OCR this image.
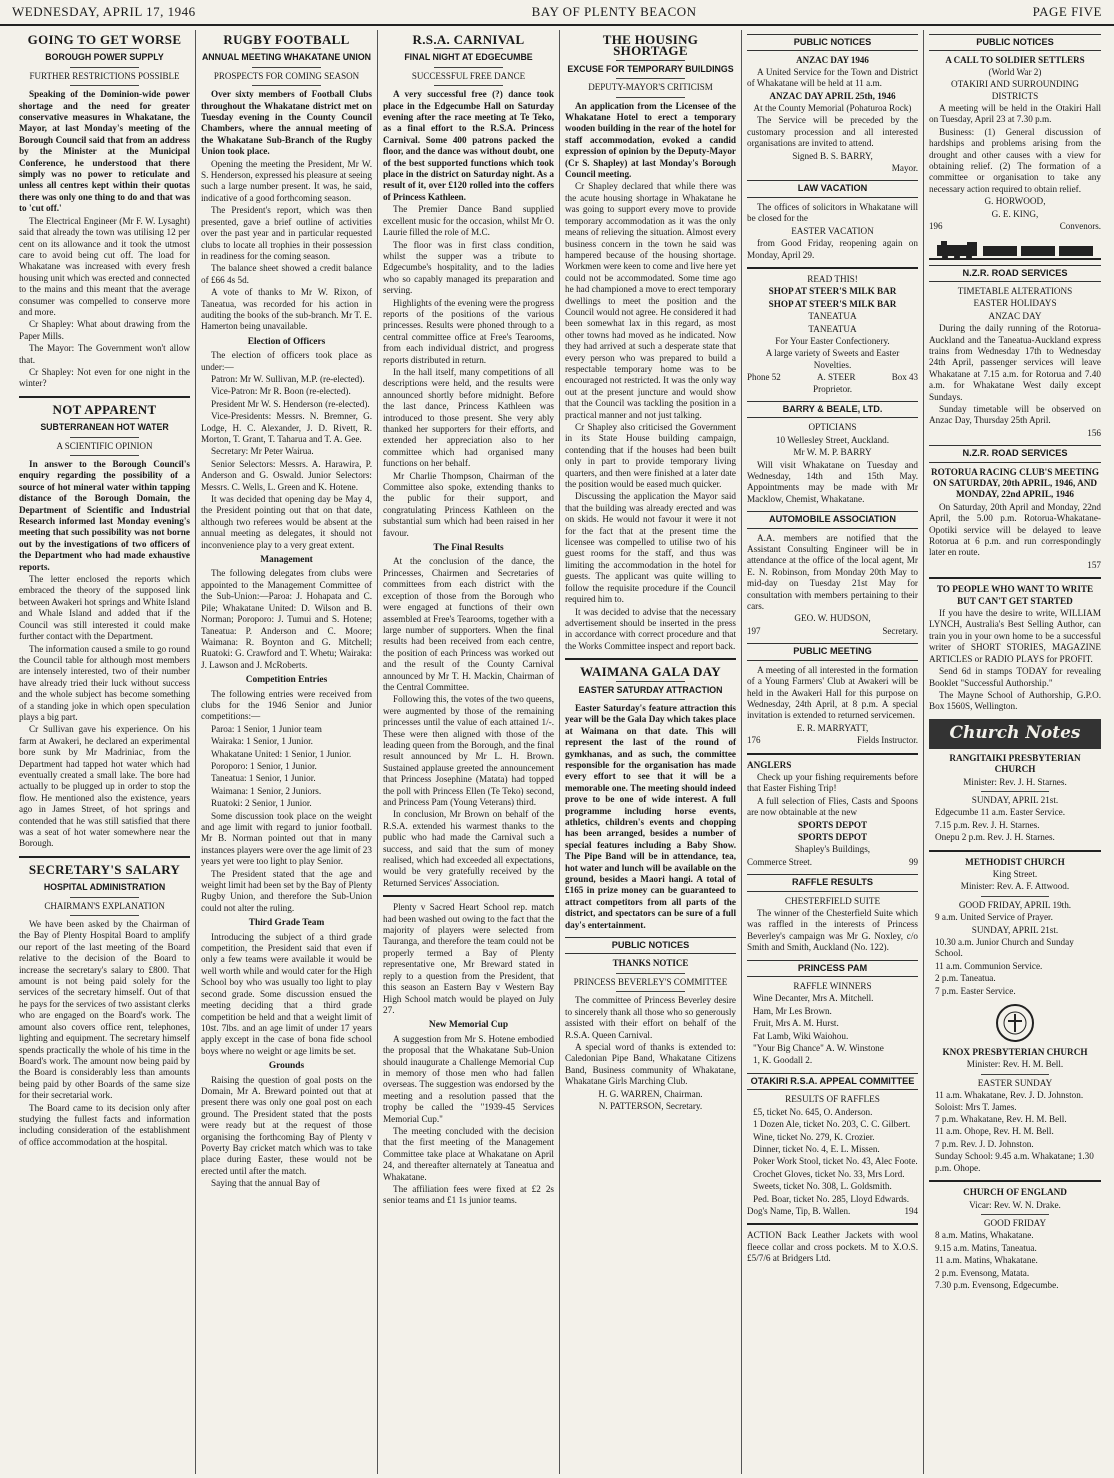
WEDNESDAY, APRIL 17, 1946	BAY OF PLENTY BEACON	PAGE FIVE
GOING TO GET WORSE
BOROUGH POWER SUPPLY
FURTHER RESTRICTIONS POSSIBLE

Speaking of the Dominion-wide power shortage and the need for greater conservative measures in Whakatane, the Mayor, at last Monday's meeting of the Borough Council said that from an address by the Minister at the Municipal Conference, he understood that there simply was no power to reticulate and unless all centres kept within their quotas there was only one thing to do and that was to 'cut off.'

The Electrical Engineer (Mr F. W. Lysaght) said that already the town was utilising 12 per cent on its allowance and it took the utmost care to avoid being cut off. The load for Whakatane was increased with every fresh housing unit which was erected and connected to the mains and this meant that the average consumer was compelled to conserve more and more.

Cr Shapley: What about drawing from the Paper Mills.

The Mayor: The Government won't allow that.

Cr Shapley: Not even for one night in the winter?

NOT APPARENT
SUBTERRANEAN HOT WATER
A SCIENTIFIC OPINION

In answer to the Borough Council's enquiry regarding the possibility of a source of hot mineral water within tapping distance of the Borough Domain, the Department of Scientific and Industrial Research informed last Monday evening's meeting that such possibility was not borne out by the investigations of two officers of the Department who had made exhaustive reports.

The letter enclosed the reports which embraced the theory of the supposed link between Awakeri hot springs and White Island and Whale Island and added that if the Council was still interested it could make further contact with the Department.

The information caused a smile to go round the Council table for although most members are intensely interested, two of their number have already tried their luck without success and the whole subject has become something of a standing joke in which open speculation plays a big part.

Cr Sullivan gave his experience. On his farm at Awakeri, he declared an experimental bore sunk by Mr Madriniac, from the Department had tapped hot water which had eventually created a small lake. The bore had actually to be plugged up in order to stop the flow. He mentioned also the existence, years ago in James Street, of hot springs and contended that he was still satisfied that there was a seat of hot water somewhere near the Borough.

SECRETARY'S SALARY
HOSPITAL ADMINISTRATION
CHAIRMAN'S EXPLANATION

We have been asked by the Chairman of the Bay of Plenty Hospital Board to amplify our report of the last meeting of the Board relative to the decision of the Board to increase the secretary's salary to £800. That amount is not being paid solely for the services of the secretary himself. Out of that he pays for the services of two assistant clerks who are engaged on the Board's work. The amount also covers office rent, telephones, lighting and equipment. The secretary himself spends practically the whole of his time in the Board's work. The amount now being paid by the Board is considerably less than amounts being paid by other Boards of the same size for their secretarial work.

The Board came to its decision only after studying the fullest facts and information including consideration of the establishment of office accommodation at the hospital.

RUGBY FOOTBALL
ANNUAL MEETING WHAKATANE UNION
PROSPECTS FOR COMING SEASON

Over sixty members of Football Clubs throughout the Whakatane district met on Tuesday evening in the County Council Chambers, where the annual meeting of the Whakatane Sub-Branch of the Rugby Union took place.

Opening the meeting the President, Mr W. S. Henderson, expressed his pleasure at seeing such a large number present. It was, he said, indicative of a good forthcoming season.

The President's report, which was then presented, gave a brief outline of activities over the past year and in particular requested clubs to locate all trophies in their possession in readiness for the coming season.

The balance sheet showed a credit balance of £66 4s 5d.

A vote of thanks to Mr W. Rixon, of Taneatua, was recorded for his action in auditing the books of the sub-branch. Mr T. E. Hamerton being unavailable.

Election of Officers

The election of officers took place as under:—

Patron: Mr W. Sullivan, M.P. (re-elected).

Vice-Patron: Mr R. Boon (re-elected).

President Mr W. S. Henderson (re-elected).

Vice-Presidents: Messrs. N. Bremner, G. Lodge, H. C. Alexander, J. D. Rivett, R. Morton, T. Grant, T. Taharua and T. A. Gee.

Secretary: Mr Peter Wairua.

Senior Selectors: Messrs. A. Harawira, P. Anderson and G. Oswald. Junior Selectors: Messrs. C. Wells, L. Green and K. Hotene.

It was decided that opening day be May 4, the President pointing out that on that date, although two referees would be absent at the annual meeting as delegates, it should not inconvenience play to a very great extent.

Management

The following delegates from clubs were appointed to the Management Committee of the Sub-Union:—Paroa: J. Hohapata and C. Pile; Whakatane United: D. Wilson and B. Norman; Poroporo: J. Tumui and S. Hotene; Taneatua: P. Anderson and C. Moore; Waimana: R. Boynton and G. Mitchell; Ruatoki: G. Crawford and T. Whetu; Wairaka: J. Lawson and J. McRoberts.

Competition Entries

The following entries were received from clubs for the 1946 Senior and Junior competitions:—

Paroa: 1 Senior, 1 Junior team

Wairaka: 1 Senior, 1 Junior.

Whakatane United: 1 Senior, 1 Junior.

Poroporo: 1 Senior, 1 Junior.

Taneatua: 1 Senior, 1 Junior.

Waimana: 1 Senior, 2 Juniors.

Ruatoki: 2 Senior, 1 Junior.

Some discussion took place on the weight and age limit with regard to junior football. Mr B. Norman pointed out that in many instances players were over the age limit of 23 years yet were too light to play Senior.

The President stated that the age and weight limit had been set by the Bay of Plenty Rugby Union, and therefore the Sub-Union could not alter the ruling.

Third Grade Team

Introducing the subject of a third grade competition, the President said that even if only a few teams were available it would be well worth while and would cater for the High School boy who was usually too light to play second grade. Some discussion ensued the meeting deciding that a third grade competition be held and that a weight limit of 10st. 7lbs. and an age limit of under 17 years apply except in the case of bona fide school boys where no weight or age limits be set.

Grounds

Raising the question of goal posts on the Domain, Mr A. Breward pointed out that at present there was only one goal post on each ground. The President stated that the posts were ready but at the request of those organising the forthcoming Bay of Plenty v Poverty Bay cricket match which was to take place during Easter, these would not be erected until after the match.

Saying that the annual Bay of

R.S.A. CARNIVAL
FINAL NIGHT AT EDGECUMBE
SUCCESSFUL FREE DANCE

A very successful free (?) dance took place in the Edgecumbe Hall on Saturday evening after the race meeting at Te Teko, as a final effort to the R.S.A. Princess Carnival. Some 400 patrons packed the floor, and the dance was without doubt, one of the best supported functions which took place in the district on Saturday night. As a result of it, over £120 rolled into the coffers of Princess Kathleen.

The Premier Dance Band supplied excellent music for the occasion, whilst Mr O. Laurie filled the role of M.C.

The floor was in first class condition, whilst the supper was a tribute to Edgecumbe's hospitality, and to the ladies who so capably managed its preparation and serving.

Highlights of the evening were the progress reports of the positions of the various princesses. Results were phoned through to a central committee office at Free's Tearooms, from each individual district, and progress reports distributed in return.

In the hall itself, many competitions of all descriptions were held, and the results were announced shortly before midnight. Before the last dance, Princess Kathleen was introduced to those present. She very ably thanked her supporters for their efforts, and extended her appreciation also to her committee which had organised many functions on her behalf.

Mr Charlie Thompson, Chairman of the Committee also spoke, extending thanks to the public for their support, and congratulating Princess Kathleen on the substantial sum which had been raised in her favour.

The Final Results

At the conclusion of the dance, the Princesses, Chairmen and Secretaries of committees from each district with the exception of those from the Borough who were engaged at functions of their own assembled at Free's Tearooms, together with a large number of supporters. When the final results had been received from each centre, the position of each Princess was worked out and the result of the County Carnival announced by Mr T. H. Mackin, Chairman of the Central Committee.

Following this, the votes of the two queens, were augmented by those of the remaining princesses until the value of each attained 1/-. These were then aligned with those of the leading queen from the Borough, and the final result announced by Mr L. H. Brown. Sustained applause greeted the announcement that Princess Josephine (Matata) had topped the poll with Princess Ellen (Te Teko) second, and Princess Pam (Young Veterans) third.

In conclusion, Mr Brown on behalf of the R.S.A. extended his warmest thanks to the public who had made the Carnival such a success, and said that the sum of money realised, which had exceeded all expectations, would be very gratefully received by the Returned Services' Association.

Plenty v Sacred Heart School rep. match had been washed out owing to the fact that the majority of players were selected from Tauranga, and therefore the team could not be properly termed a Bay of Plenty representative one, Mr Breward stated in reply to a question from the President, that this season an Eastern Bay v Western Bay High School match would be played on July 27.

New Memorial Cup

A suggestion from Mr S. Hotene embodied the proposal that the Whakatane Sub-Union should inaugurate a Challenge Memorial Cup in memory of those men who had fallen overseas. The suggestion was endorsed by the meeting and a resolution passed that the trophy be called the "1939-45 Services Memorial Cup."

The meeting concluded with the decision that the first meeting of the Management Committee take place at Whakatane on April 24, and thereafter alternately at Taneatua and Whakatane.

The affiliation fees were fixed at £2 2s senior teams and £1 1s junior teams.

THE HOUSING SHORTAGE
EXCUSE FOR TEMPORARY BUILDINGS
DEPUTY-MAYOR'S CRITICISM

An application from the Licensee of the Whakatane Hotel to erect a temporary wooden building in the rear of the hotel for staff accommodation, evoked a candid expression of opinion by the Deputy-Mayor (Cr S. Shapley) at last Monday's Borough Council meeting.

Cr Shapley declared that while there was the acute housing shortage in Whakatane he was going to support every move to provide temporary accommodation as it was the only means of relieving the situation. Almost every business concern in the town he said was hampered because of the housing shortage. Workmen were keen to come and live here yet could not be accommodated. Some time ago he had championed a move to erect temporary dwellings to meet the position and the Council would not agree. He considered it had been somewhat lax in this regard, as most other towns had moved as he indicated. Now they had arrived at such a desperate state that every person who was prepared to build a respectable temporary home was to be encouraged not restricted. It was the only way out at the present juncture and would show that the Council was tackling the position in a practical manner and not just talking.

Cr Shapley also criticised the Government in its State House building campaign, contending that if the houses had been built only in part to provide temporary living quarters, and then were finished at a later date the position would be eased much quicker.

Discussing the application the Mayor said that the building was already erected and was on skids. He would not favour it were it not for the fact that at the present time the licensee was compelled to utilise two of his guest rooms for the staff, and thus was limiting the accommodation in the hotel for guests. The applicant was quite willing to follow the requisite procedure if the Council required him to.

It was decided to advise that the necessary advertisement should be inserted in the press in accordance with correct procedure and that the Works Committee inspect and report back.

WAIMANA GALA DAY
EASTER SATURDAY ATTRACTION

Easter Saturday's feature attraction this year will be the Gala Day which takes place at Waimana on that date. This will represent the last of the round of gymkhanas, and as such, the committee responsible for the organisation has made every effort to see that it will be a memorable one. The meeting should indeed prove to be one of wide interest. A full programme including horse events, athletics, children's events and chopping has been arranged, besides a number of special features including a Baby Show. The Pipe Band will be in attendance, tea, hot water and lunch will be available on the ground, besides a Maori hangi. A total of £165 in prize money can be guaranteed to attract competitors from all parts of the district, and spectators can be sure of a full day's entertainment.

PUBLIC NOTICES
THANKS NOTICE
PRINCESS BEVERLEY'S COMMITTEE

The committee of Princess Beverley desire to sincerely thank all those who so generously assisted with their effort on behalf of the R.S.A. Queen Carnival.

A special word of thanks is extended to: Caledonian Pipe Band, Whakatane Citizens Band, Business community of Whakatane, Whakatane Girls Marching Club.

H. G. WARREN, Chairman.

N. PATTERSON, Secretary.

PUBLIC NOTICES
ANZAC DAY 1946

A United Service for the Town and District of Whakatane will be held at 11 a.m.

ANZAC DAY APRIL 25th, 1946

At the County Memorial (Pohaturoa Rock)

The Service will be preceded by the customary procession and all interested organisations are invited to attend.

Signed B. S. BARRY,

Mayor.

LAW VACATION

The offices of solicitors in Whakatane will be closed for the

EASTER VACATION

from Good Friday, reopening again on Monday, April 29.

READ THIS!

SHOP AT STEER'S MILK BAR

SHOP AT STEER'S MILK BAR

TANEATUA

TANEATUA

For Your Easter Confectionery.

A large variety of Sweets and Easter Novelties.

Phone 52	A. STEER	Box 43

Proprietor.

BARRY & BEALE, LTD.

OPTICIANS

10 Wellesley Street, Auckland.

Mr W. M. P. BARRY

Will visit Whakatane on Tuesday and Wednesday, 14th and 15th May. Appointments may be made with Mr Macklow, Chemist, Whakatane.

AUTOMOBILE ASSOCIATION

A.A. members are notified that the Assistant Consulting Engineer will be in attendance at the office of the local agent, Mr E. N. Robinson, from Monday 20th May to mid-day on Tuesday 21st May for consultation with members pertaining to their cars.

GEO. W. HUDSON,

197	Secretary.
PUBLIC MEETING

A meeting of all interested in the formation of a Young Farmers' Club at Awakeri will be held in the Awakeri Hall for this purpose on Wednesday, 24th April, at 8 p.m. A special invitation is extended to returned servicemen.

E. R. MARRYATT,

176	Fields Instructor.

ANGLERS

Check up your fishing requirements before that Easter Fishing Trip!

A full selection of Flies, Casts and Spoons are now obtainable at the new

SPORTS DEPOT

SPORTS DEPOT

Shapley's Buildings,

Commerce Street.	99
RAFFLE RESULTS

CHESTERFIELD SUITE

The winner of the Chesterfield Suite which was raffled in the interests of Princess Beverley's campaign was Mr G. Noxley, c/o Smith and Smith, Auckland (No. 122).

PRINCESS PAM

RAFFLE WINNERS

Wine Decanter, Mrs A. Mitchell.

Ham, Mr Les Brown.

Fruit, Mrs A. M. Hurst.

Fat Lamb, Wiki Waiohou.

"Your Big Chance" A. W. Winstone

1, K. Goodall 2.

OTAKIRI R.S.A. APPEAL COMMITTEE

RESULTS OF RAFFLES

£5, ticket No. 645, O. Anderson.

1 Dozen Ale, ticket No. 203, C. C. Gilbert.

Wine, ticket No. 279, K. Crozier.

Dinner, ticket No. 4, E. L. Missen.

Poker Work Stool, ticket No. 43, Alec Foote.

Crochet Gloves, ticket No. 33, Mrs Lord.

Sweets, ticket No. 308, L. Goldsmith.

Ped. Boar, ticket No. 285, Lloyd Edwards.

Dog's Name, Tip, B. Wallen.	194

ACTION Back Leather Jackets with wool fleece collar and cross pockets. M to X.O.S. £5/7/6 at Bridgers Ltd.

PUBLIC NOTICES
A CALL TO SOLDIER SETTLERS

(World War 2)

OTAKIRI AND SURROUNDING DISTRICTS

A meeting will be held in the Otakiri Hall on Tuesday, April 23 at 7.30 p.m.

Business: (1) General discussion of hardships and problems arising from the drought and other causes with a view for obtaining relief. (2) The formation of a committee or organisation to take any necessary action required to obtain relief.

G. HORWOOD,

G. E. KING,

196	Convenors.
N.Z.R. ROAD SERVICES

TIMETABLE ALTERATIONS

EASTER HOLIDAYS

ANZAC DAY

During the daily running of the Rotorua-Auckland and the Taneatua-Auckland express trains from Wednesday 17th to Wednesday 24th April, passenger services will leave Whakatane at 7.15 a.m. for Rotorua and 7.40 a.m. for Whakatane West daily except Sundays.

Sunday timetable will be observed on Anzac Day, Thursday 25th April.

156

N.Z.R. ROAD SERVICES

ROTORUA RACING CLUB'S MEETING ON SATURDAY, 20th APRIL, 1946, AND MONDAY, 22nd APRIL, 1946

On Saturday, 20th April and Monday, 22nd April, the 5.00 p.m. Rotorua-Whakatane-Opotiki service will be delayed to leave Rotorua at 6 p.m. and run correspondingly later en route.

157

TO PEOPLE WHO WANT TO WRITE BUT CAN'T GET STARTED

If you have the desire to write, WILLIAM LYNCH, Australia's Best Selling Author, can train you in your own home to be a successful writer of SHORT STORIES, MAGAZINE ARTICLES or RADIO PLAYS for PROFIT.

Send 6d in stamps TODAY for revealing Booklet "Successful Authorship."

The Mayne School of Authorship, G.P.O. Box 1560S, Wellington.

Church Notes

RANGITAIKI PRESBYTERIAN CHURCH

Minister: Rev. J. H. Starnes.

SUNDAY, APRIL 21st.

Edgecumbe 11 a.m. Easter Service.

7.15 p.m. Rev. J. H. Starnes.

Onepu 2 p.m. Rev. J. H. Starnes.

METHODIST CHURCH

King Street.

Minister: Rev. A. F. Attwood.

GOOD FRIDAY, APRIL 19th.

9 a.m. United Service of Prayer.

SUNDAY, APRIL 21st.

10.30 a.m. Junior Church and Sunday School.

11 a.m. Communion Service.

2 p.m. Taneatua.

7 p.m. Easter Service.

KNOX PRESBYTERIAN CHURCH

Minister: Rev. H. M. Bell.

EASTER SUNDAY

11 a.m. Whakatane, Rev. J. D. Johnston. Soloist: Mrs T. James.

7 p.m. Whakatane, Rev. H. M. Bell.

11 a.m. Ohope, Rev. H. M. Bell.

7 p.m. Rev. J. D. Johnston.

Sunday School: 9.45 a.m. Whakatane; 1.30 p.m. Ohope.

CHURCH OF ENGLAND

Vicar: Rev. W. N. Drake.

GOOD FRIDAY

8 a.m. Matins, Whakatane.

9.15 a.m. Matins, Taneatua.

11 a.m. Matins, Whakatane.

2 p.m. Evensong, Matata.

7.30 p.m. Evensong, Edgecumbe.
